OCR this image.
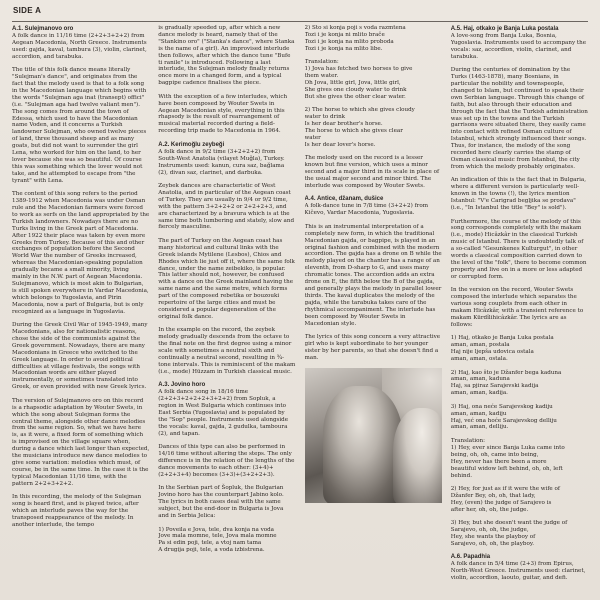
SIDE A
A.1. Sulejmanovo oro

A folk dance in 11/16 time (2+2+3+2+2) from Aegean Macedonia, North Greece. Instruments used: gajda, kaval, tambura (3), violin, clarinet, accordion, and tarabuka.

The title of this folk dance means literally "Sulejman's dance", and originates from the fact that the melody used is that to a folk song in the Macedonian language which begins with the words "Sulejman aga inat (transept) offici" (i.e. "Sulejman aga had twelve valiant men"). The song comes from around the town of Edessa, which used to have the Macedonian name Voden, and it concerns a Turkish landowner Sulejman, who owned twelve pieces of land, three thousand sheep and as many goats, but did not want to surrender the girl Lena, who worked for him on the land, to her lover because she was so beautiful. Of course this was something which the lover would not take, and he attempted to escape from "the tyrant" with Lena.

The content of this song refers to the period 1389-1912 when Macedonia was under Osman rule and the Macedonian farmers were forced to work as serfs on the land appropriated by the Turkish landowners. Nowadays there are no Turks living in the Greek part of Macedonia. After 1922 their place was taken by even more Greeks from Turkey. Because of this and other exchanges of population before the Second World War the number of Greeks increased, whereas the Macedonian-speaking population gradually became a small minority, living mainly in the N.W. part of Aegean Macedonia. Sulejmanovo, which is most akin to Bulgarian, is still spoken everywhere in Vardar Macedonia, which belongs to Yugoslavia, and Pirin Macedonia, now a part of Bulgaria, but is only recognized as a language in Yugoslavia.

During the Greek Civil War of 1945-1949, many Macedonians, also for nationalistic reasons, chose the side of the communists against the Greek government. Nowadays, there are many Macedonians in Greece who switched to the Greek language. In order to avoid political difficulties at village festivals, the songs with Macedonian words are either played instrumentally, or sometimes translated into Greek, or even provided with new Greek lyrics.

The version of Sulejmanovo oro on this record is a rhapsodic adaptation by Wouter Swets, in which the song about Sulejman forms the central theme, alongside other dance melodies from the same region. So, what we have here is, as it were, a fixed form of something which is improvised on the village square when, during a dance which last longer than expected, the musicians introduce new dance melodies to give some variation: melodies which must, of course, be in the same time. In the case it is the typical Macedonian 11/16 time, with the pattern 2+2+3+2+2.

In this recording, the melody of the Sulejman song is heard first, and is played twice, after which an interlude paves the way for the transposed reappearance of the melody. In another interlude, the tempo

is gradually speeded up, after which a new dance melody is heard, namely that of the "Stankino oro" ("Stanka's dance", where Stanka is the name of a girl). An improvised interlude then follows, after which the dance tune "Bufe ti ranile" is introduced. Following a last interlude, the Sulejman melody finally returns once more in a changed form, and a typical bagpipe cadence finalises the piece.

With the exception of a few interludes, which have been composed by Wouter Swets in Aegean Macedonian style, everything in this rhapsody is the result of rearrangement of musical material recorded during a field-recording trip made to Macedonia in 1964.

A.2. Kerimoğlu zeybeği

A folk dance in 9/2 time (3+2+2+2) from South-West Anatolia (vilayet Muğla), Turkey. Instruments used: kanun, cura saz, bağlama (2), divan saz, clarinet, and darbuka.

Zeybek dances are characteristic of West Anatolia, and in particular of the Aegean coast of Turkey. They are usually in 9/4 or 9/2 time, with the pattern 3+2+2+2 or 2+2+2+3, and are characterized by a bravura which is at the same time both lumbering and stately, slow and fiercely masculine.

The part of Turkey on the Aegean coast has many historical and cultural links with the Greek islands Mytilene (Lesbos), Chios and Rhodes which lie just off it, where the same folk dance, under the name zeibekiko, is popular. This latter should not, however, be confused with a dance on the Greek mainland having the same name and the same metre, which forms part of the composed rebetika or bouzouki repertoire of the large cities and must be considered a popular degeneration of the original folk dance.

In the example on the record, the zeybek melody gradually descends from the octave to the final note on the first degree using a minor scale with sometimes a neutral sixth and continually a neutral second, resulting in ¾-tone intervals. This is reminiscent of the makam (i.e., mode) Hüzzam in Turkish classical music.

A.3. Jovino horo

A folk dance song in 18/16 time (2+2+3+2+2+2+3+2+2) from Sopluk, a region in West Bulgaria which continues into East Serbia (Yugoslavia) and is populated by the "Sop" people. Instruments used alongside the vocals: kaval, gajda, 2 gudulka, tamboura (2), and tapan.

Dances of this type can also be performed in 14/16 time without altering the steps. The only difference is in the relation of the lengths of the dance movements to each other: (3+4)+(2+2+3+4) becomes (3+3)+(3+2+2+3).

In the Serbian part of Šopluk, the Bulgarian Jovino horo has the counterpart Jabino kolo. The lyrics in both cases deal with the same subject, but the end-door in Bulgaria is Jova and in Serbia Jelica:

1) Poveila e Jova, tele, dva konja na voda
Jove mala momne, tele, Jova mala momne
Pa si edin poji, tele, a vtoj nam tama
A drugija poji, tele, a voda izbistrena.
2) Što si konja poji s voda razmtena
Tozi i je konja ni mlito brače
Tozi i je konja na mlito proboda
Tozi i je konja na mlito libe.
Translation:
1) Jova has fetched two horses to give
them water.
Oh Jova, little girl, Jova, little girl,
She gives one cloudy water to drink
But she gives the other clear water.
2) The horse to which she gives cloudy
water to drink
Is her dear brother's horse.
The horse to which she gives clear
water
Is her dear lover's horse.

The melody used on the record is a lesser known but fine version, which uses a minor second and a major third in its scale in place of the usual major second and minor third. The interlude was composed by Wouter Swets.

A.4. Antice, džanam, dušice

A folk-dance tune in 7/8 time (3+2+2) from Kičevo, Vardar Macedonia, Yugoslavia.

This is an instrumental interpretation of a completely new form, in which the traditional Macedonian gajda, or bagpipe, is played in an original fashion and combined with the modern accordion. The gajda has a drone on B while the melody played on the chanter has a range of an eleventh, from D-sharp to G, and uses many chromatic tones. The accordion adds an extra drone on E, the fifth below the B of the gajda, and generally plays the melody in parallel lower thirds. The kaval duplicates the melody of the gajda, while the tarabuka takes care of the rhythmical accompaniment. The interlude has been composed by Wouter Swets in Macedonian style.

The lyrics of this song concern a very attractive girl who is kept subordinate to her younger sister by her parents, so that she doesn't find a man.

A.5. Haj, otkako je Banja Luka postala

A love-song from Banja Luka, Bosnia, Yugoslavia. Instruments used to accompany the vocals: saz, accordion, violin, clarinet, and tarabuka.

During the centuries of domination by the Turks (1463-1878), many Bosnians, in particular the nobility and townspeople, changed to Islam, but continued to speak their own Serbian language. Through this change of faith, but also through their education and through the fact that the Turkish administration was set up in the towns and the Turkish garrisons were situated there, they easily came into contact with refined Osman culture of Istanbul, which strongly influenced their songs. Thus, for instance, the melody of the song recorded here clearly carries the stamp of Osman classical music from Istanbul, the city from which the melody probably originates.

An indication of this is the fact that in Bulgaria, where a different version is particularly well-known in the towns (!), the lyrics mention Istanbul: "V'e Carigrad begljika se prodava" (i.e., "In Istanbul the title "Bey" is sold").

Furthermore, the course of the melody of this song corresponds completely with the makam (i.e., mode) Hicâzkâr in the classical Turkish music of Istanbul. There is undoubtedly talk of a so-called "Gesunkenes Kulturgut", in other words a classical composition carried down to the level of the "folk", there to become common property and live on in a more or less adapted or corrupted form.

In the version on the record, Wouter Swets composed the interlude which separates the various song couplets from each other in makam Hicâzkâr, with a transient reference to makam Kürdîlihicâzkâr. The lyrics are as follows:

1) Haj, otkako je Banja Luka postala
aman, aman, postala
Haj nije ljepša udovica ostala
aman, aman, ostala.
2) Haj, kao što je Džanfer bega kaduna
aman, aman, kaduna
Haj, sa pjiraz Sarajevski kadija
aman, aman, kadija.
3) Haj, ona neće Sarajevskog kadiju
aman, aman, kadiju
Haj, već ona hoće Sarajevskog delliju
aman, aman, delliju.
Translation:
1) Hey, ever since Banja Luka came into
being, oh, oh, came into being,
Hey, never has there been a more
beautiful widow left behind, oh, oh, left
behind.
2) Hey, for just as if it were the wife of
Džanfer Bey, oh, oh, that lady,
Hey, (even) the judge of Sarajevo is
after her, oh, oh, the judge.
3) Hey, but she doesn't want the judge of
Sarajevo, oh, oh, the judge,
Hey, she wants the playboy of
Sarajevo, oh, oh, the playboy.
A.6. Papadhia

A folk dance in 5/4 time (2+3) from Epirus, North-West Greece. Instruments used: clarinet, violin, accordion, laouto, guitar, and defi.
